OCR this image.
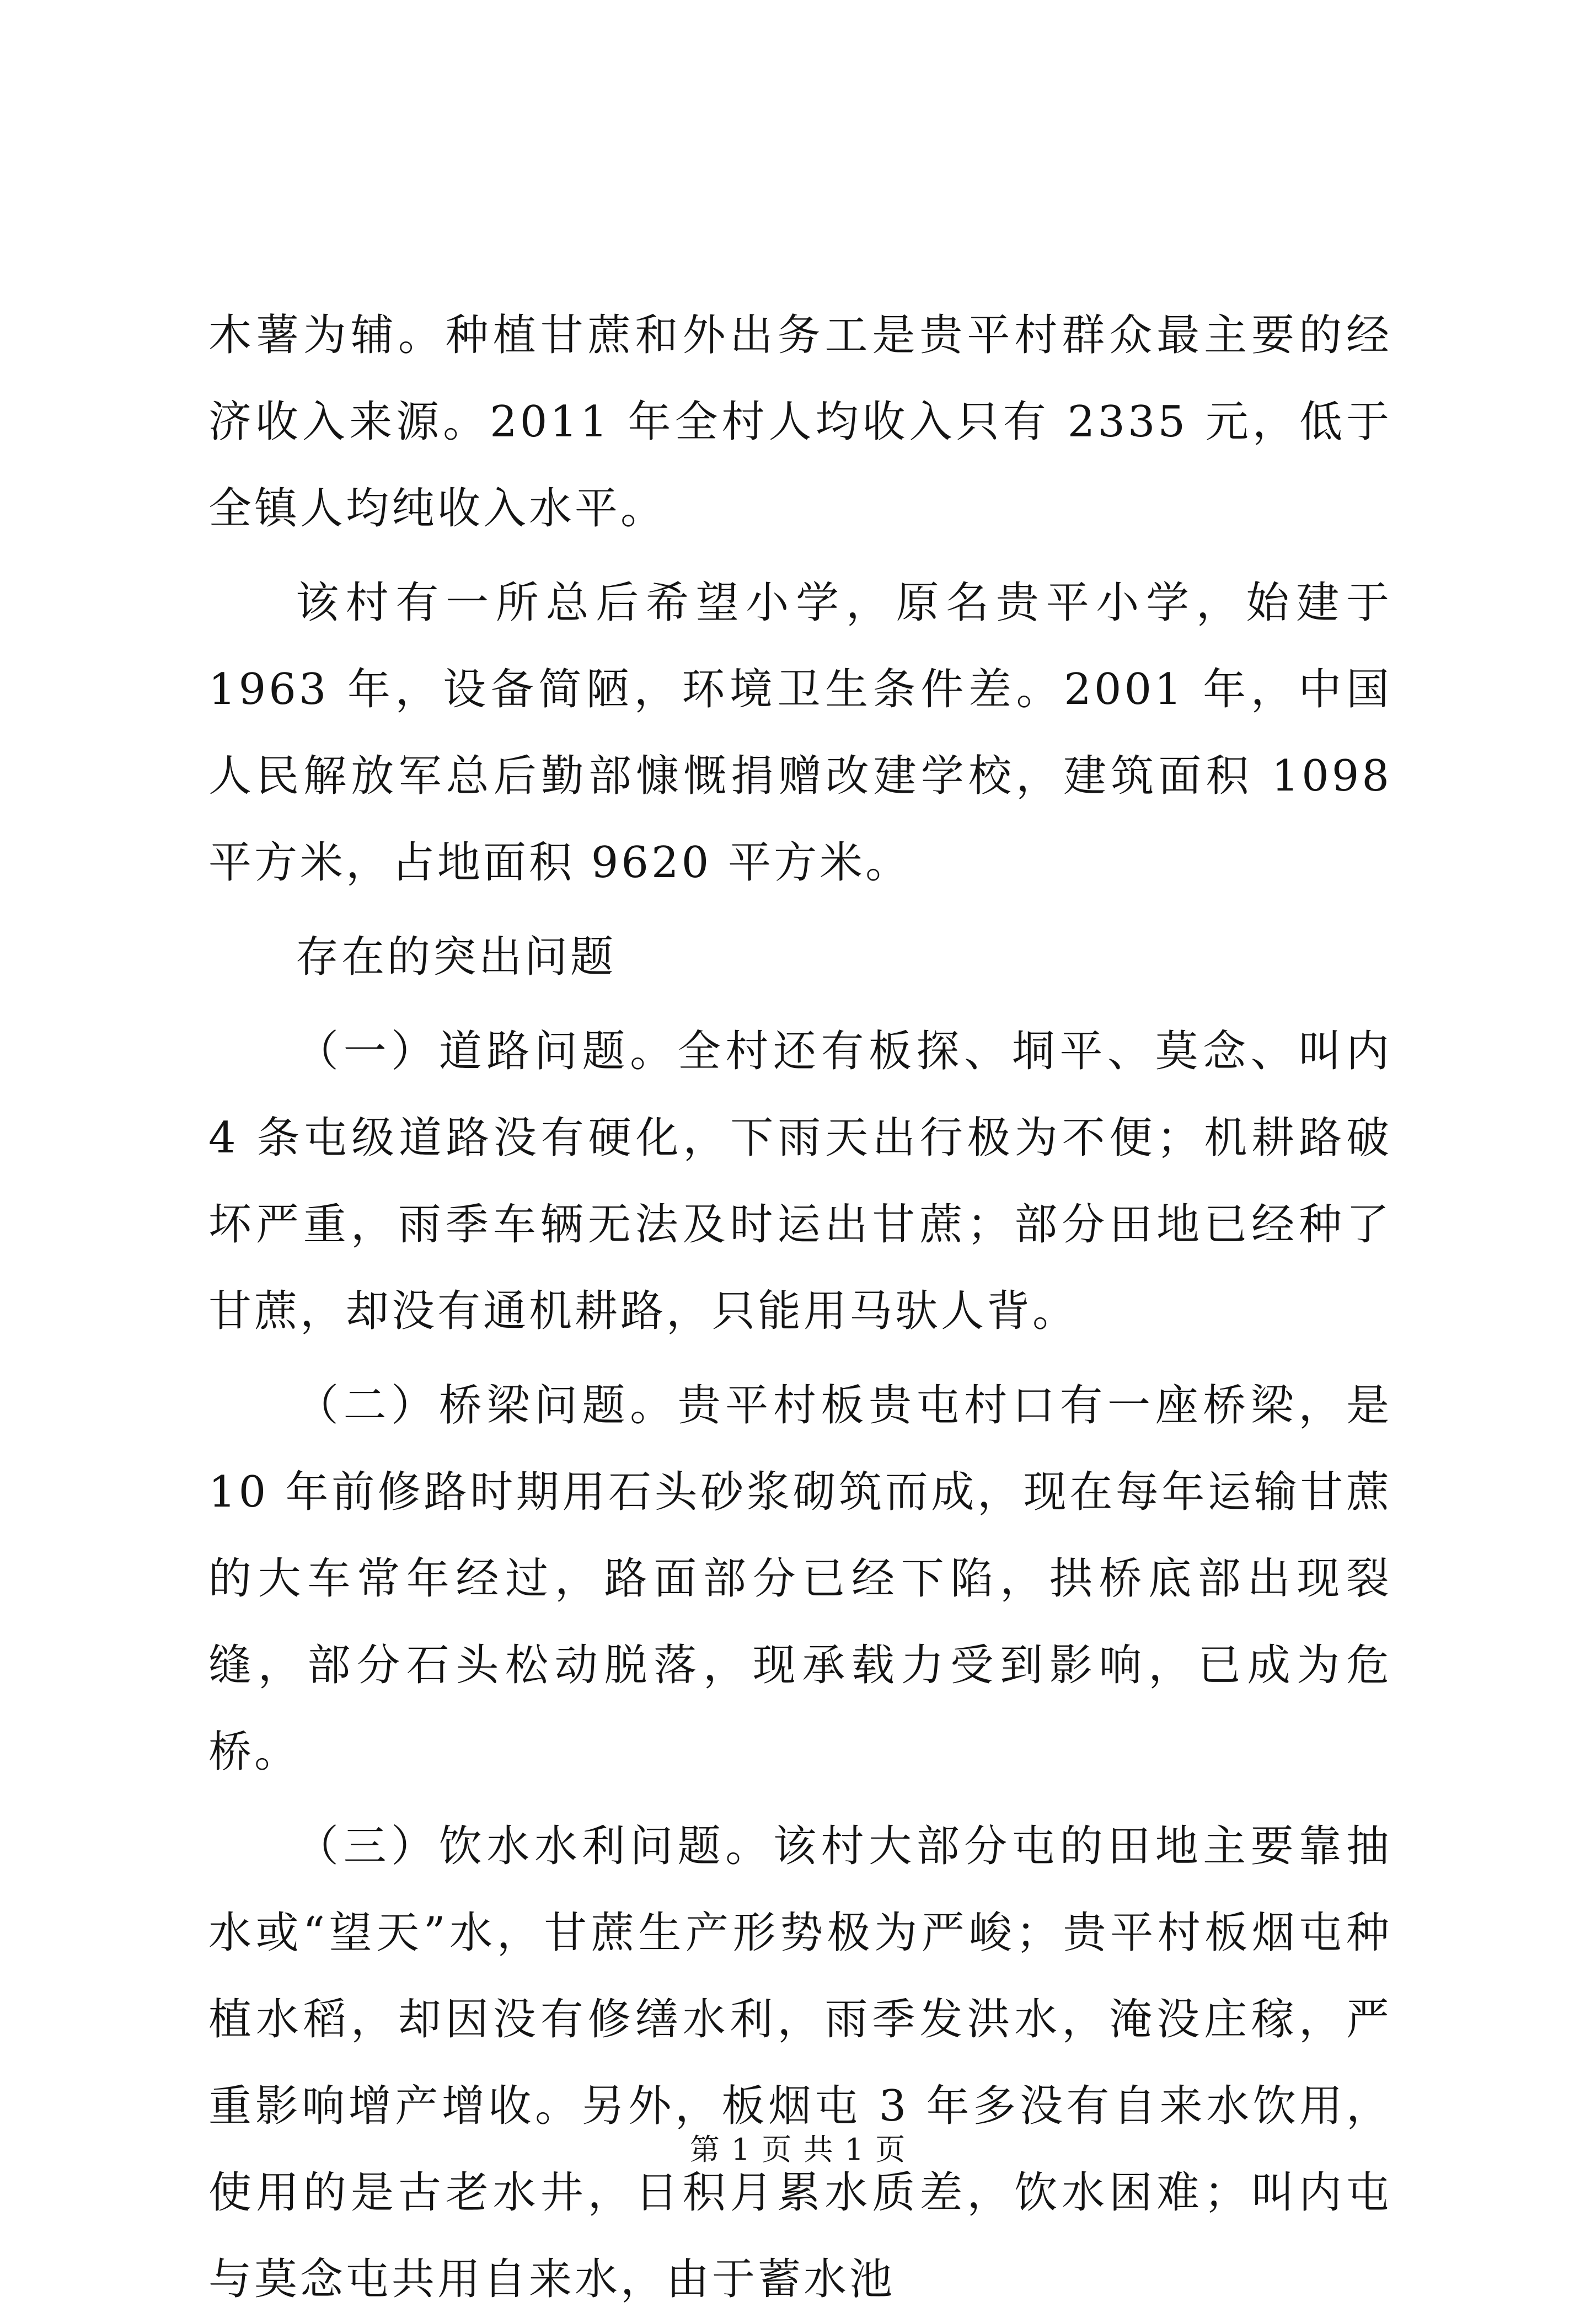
木薯为辅。种植甘蔗和外出务工是贵平村群众最主要的经济收入来源。2011 年全村人均收入只有 2335 元，低于全镇人均纯收入水平。

该村有一所总后希望小学，原名贵平小学，始建于 1963 年，设备简陋，环境卫生条件差。2001 年，中国人民解放军总后勤部慷慨捐赠改建学校，建筑面积 1098 平方米，占地面积 9620 平方米。

存在的突出问题

（一）道路问题。全村还有板探、垌平、莫念、叫内 4 条屯级道路没有硬化，下雨天出行极为不便；机耕路破坏严重，雨季车辆无法及时运出甘蔗；部分田地已经种了甘蔗，却没有通机耕路，只能用马驮人背。

（二）桥梁问题。贵平村板贵屯村口有一座桥梁，是 10 年前修路时期用石头砂浆砌筑而成，现在每年运输甘蔗的大车常年经过，路面部分已经下陷，拱桥底部出现裂缝，部分石头松动脱落，现承载力受到影响，已成为危桥。

（三）饮水水利问题。该村大部分屯的田地主要靠抽水或“望天”水，甘蔗生产形势极为严峻；贵平村板烟屯种植水稻，却因没有修缮水利，雨季发洪水，淹没庄稼，严重影响增产增收。另外，板烟屯 3 年多没有自来水饮用，使用的是古老水井，日积月累水质差，饮水困难；叫内屯与莫念屯共用自来水，由于蓄水池

第 1 页 共 1 页
